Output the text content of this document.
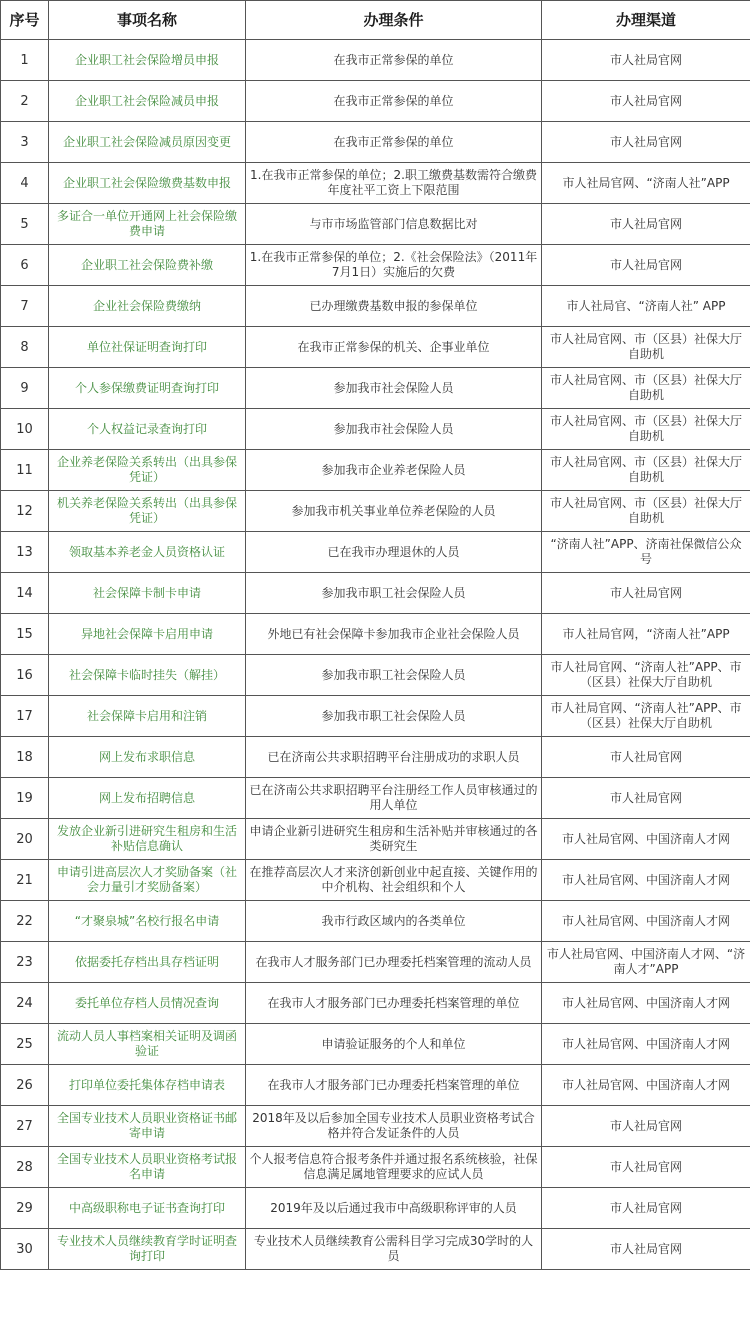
序号	事项名称	办理条件	办理渠道
1	企业职工社会保险增员申报	在我市正常参保的单位	市人社局官网
2	企业职工社会保险减员申报	在我市正常参保的单位	市人社局官网
3	企业职工社会保险减员原因变更	在我市正常参保的单位	市人社局官网
4	企业职工社会保险缴费基数申报	1.在我市正常参保的单位；2.职工缴费基数需符合缴费年度社平工资上下限范围	市人社局官网、“济南人社”APP
5	多证合一单位开通网上社会保险缴费申请	与市市场监管部门信息数据比对	市人社局官网
6	企业职工社会保险费补缴	1.在我市正常参保的单位；2.《社会保险法》（2011年7月1日）实施后的欠费	市人社局官网
7	企业社会保险费缴纳	已办理缴费基数申报的参保单位	市人社局官、“济南人社” APP
8	单位社保证明查询打印	在我市正常参保的机关、企事业单位	市人社局官网、市（区县）社保大厅自助机
9	个人参保缴费证明查询打印	参加我市社会保险人员	市人社局官网、市（区县）社保大厅自助机
10	个人权益记录查询打印	参加我市社会保险人员	市人社局官网、市（区县）社保大厅自助机
11	企业养老保险关系转出（出具参保凭证）	参加我市企业养老保险人员	市人社局官网、市（区县）社保大厅自助机
12	机关养老保险关系转出（出具参保凭证）	参加我市机关事业单位养老保险的人员	市人社局官网、市（区县）社保大厅自助机
13	领取基本养老金人员资格认证	已在我市办理退休的人员	“济南人社”APP、济南社保微信公众号
14	社会保障卡制卡申请	参加我市职工社会保险人员	市人社局官网
15	异地社会保障卡启用申请	外地已有社会保障卡参加我市企业社会保险人员	市人社局官网，“济南人社”APP
16	社会保障卡临时挂失（解挂）	参加我市职工社会保险人员	市人社局官网、“济南人社”APP、市（区县）社保大厅自助机
17	社会保障卡启用和注销	参加我市职工社会保险人员	市人社局官网、“济南人社”APP、市（区县）社保大厅自助机
18	网上发布求职信息	已在济南公共求职招聘平台注册成功的求职人员	市人社局官网
19	网上发布招聘信息	已在济南公共求职招聘平台注册经工作人员审核通过的用人单位	市人社局官网
20	发放企业新引进研究生租房和生活补贴信息确认	申请企业新引进研究生租房和生活补贴并审核通过的各类研究生	市人社局官网、中国济南人才网
21	申请引进高层次人才奖励备案（社会力量引才奖励备案）	在推荐高层次人才来济创新创业中起直接、关键作用的中介机构、社会组织和个人	市人社局官网、中国济南人才网
22	“才聚泉城”名校行报名申请	我市行政区域内的各类单位	市人社局官网、中国济南人才网
23	依据委托存档出具存档证明	在我市人才服务部门已办理委托档案管理的流动人员	市人社局官网、中国济南人才网、“济南人才”APP
24	委托单位存档人员情况查询	在我市人才服务部门已办理委托档案管理的单位	市人社局官网、中国济南人才网
25	流动人员人事档案相关证明及调函验证	申请验证服务的个人和单位	市人社局官网、中国济南人才网
26	打印单位委托集体存档申请表	在我市人才服务部门已办理委托档案管理的单位	市人社局官网、中国济南人才网
27	全国专业技术人员职业资格证书邮寄申请	2018年及以后参加全国专业技术人员职业资格考试合格并符合发证条件的人员	市人社局官网
28	全国专业技术人员职业资格考试报名申请	个人报考信息符合报考条件并通过报名系统核验，社保信息满足属地管理要求的应试人员	市人社局官网
29	中高级职称电子证书查询打印	2019年及以后通过我市中高级职称评审的人员	市人社局官网
30	专业技术人员继续教育学时证明查询打印	专业技术人员继续教育公需科目学习完成30学时的人员	市人社局官网
